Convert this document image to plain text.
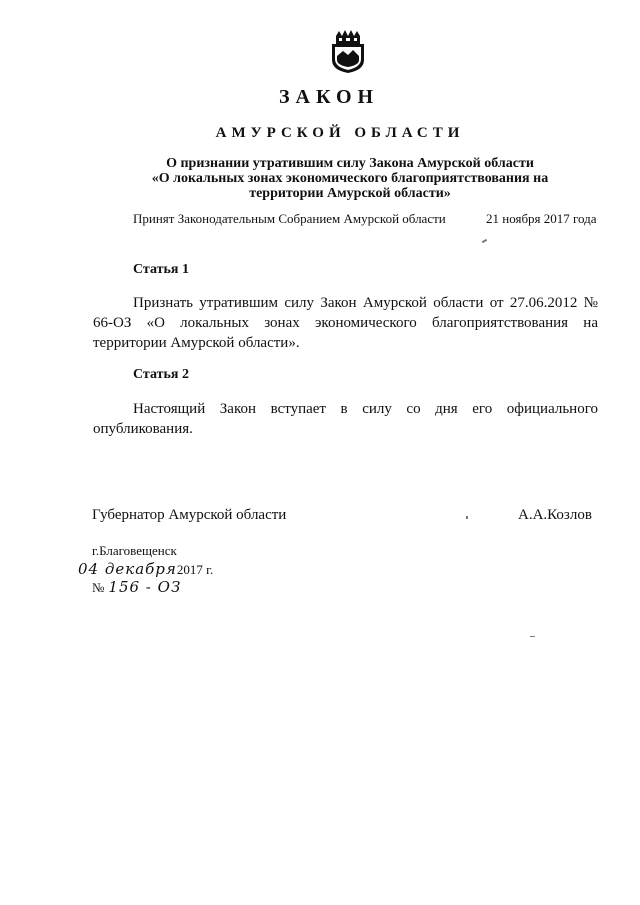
ЗАКОН
АМУРСКОЙ ОБЛАСТИ
О признании утратившим силу Закона Амурской области
«О локальных зонах экономического благоприятствования на
территории Амурской области»
Принят Законодательным Собранием Амурской области	21 ноября 2017 года
Статья 1
Признать утратившим силу Закон Амурской области от 27.06.2012 № 66-ОЗ «О локальных зонах экономического благоприятствования на территории Амурской области».
Статья 2
Настоящий Закон вступает в силу со дня его официального опубликования.
Губернатор Амурской области	А.А.Козлов
г.Благовещенск
04 декабря2017 г.
№ 156 - ОЗ
